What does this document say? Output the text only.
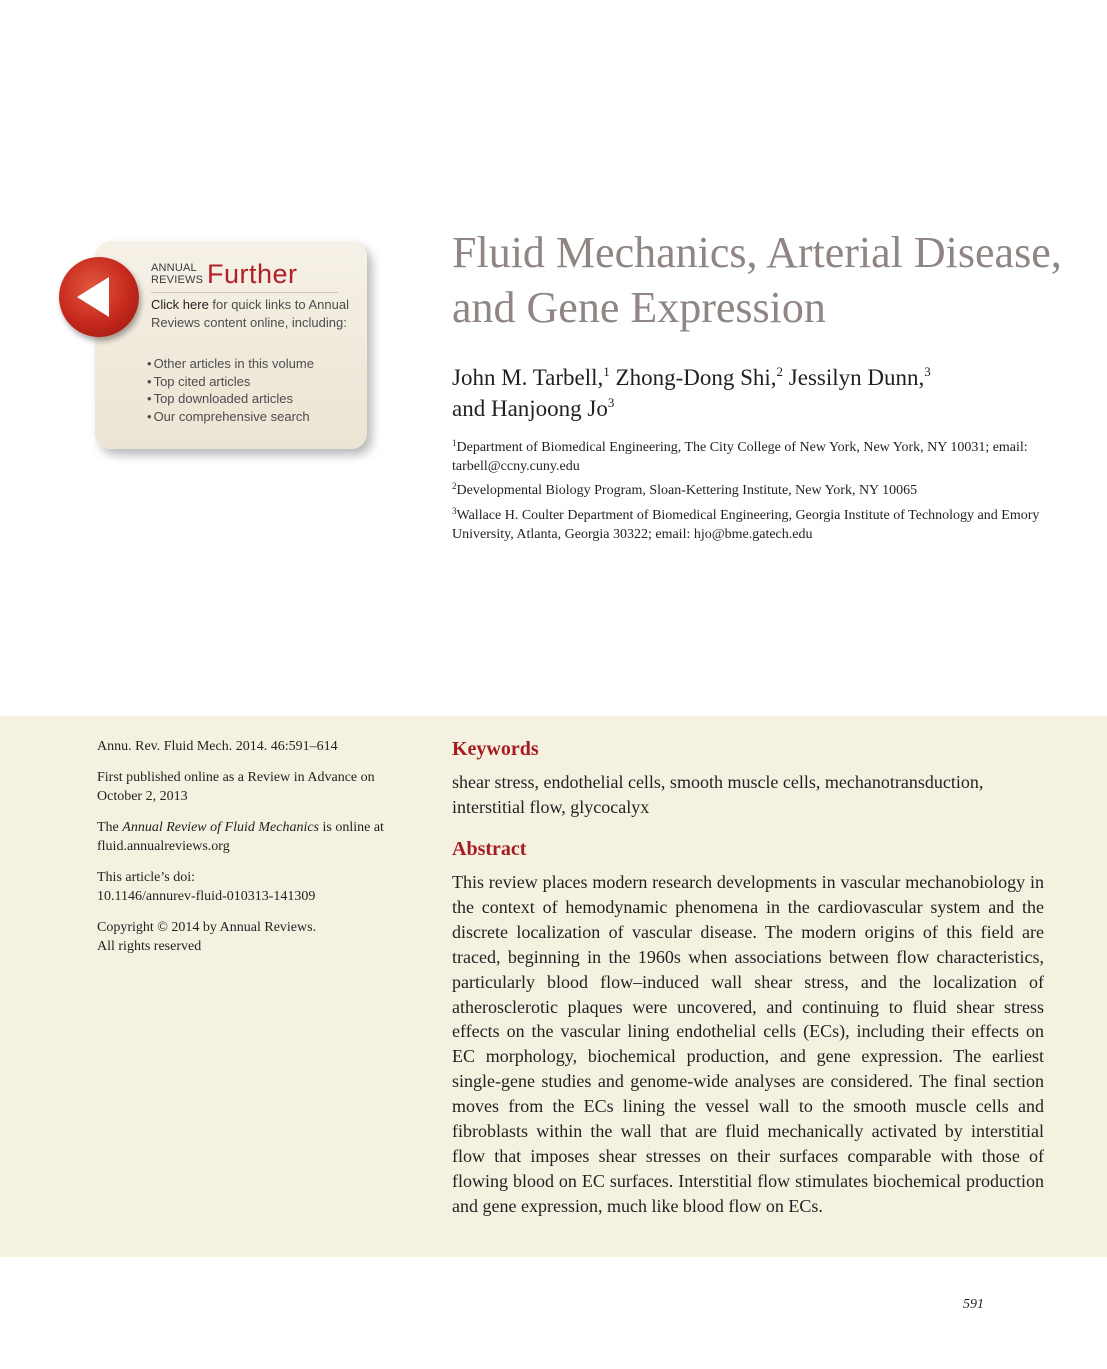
ANNUAL
REVIEWS Further
Click here for quick links to Annual Reviews content online, including:
• Other articles in this volume
• Top cited articles
• Top downloaded articles
• Our comprehensive search
Fluid Mechanics, Arterial Disease, and Gene Expression
John M. Tarbell,$^1$ Zhong-Dong Shi,$^2$ Jessilyn Dunn,$^3$
and Hanjoong Jo$^3$
$^1$Department of Biomedical Engineering, The City College of New York, New York, NY 10031; email: tarbell@ccny.cuny.edu
$^2$Developmental Biology Program, Sloan-Kettering Institute, New York, NY 10065
$^3$Wallace H. Coulter Department of Biomedical Engineering, Georgia Institute of Technology and Emory University, Atlanta, Georgia 30322; email: hjo@bme.gatech.edu
Annu. Rev. Fluid Mech. 2014. 46:591–614
First published online as a Review in Advance on October 2, 2013
The Annual Review of Fluid Mechanics is online at fluid.annualreviews.org
This article’s doi:
10.1146/annurev-fluid-010313-141309
Copyright © 2014 by Annual Reviews.
All rights reserved
Keywords
shear stress, endothelial cells, smooth muscle cells, mechanotransduction, interstitial flow, glycocalyx
Abstract
This review places modern research developments in vascular mechanobiology in the context of hemodynamic phenomena in the cardiovascular system and the discrete localization of vascular disease. The modern origins of this field are traced, beginning in the 1960s when associations between flow characteristics, particularly blood flow–induced wall shear stress, and the localization of atherosclerotic plaques were uncovered, and continuing to fluid shear stress effects on the vascular lining endothelial cells (ECs), including their effects on EC morphology, biochemical production, and gene expression. The earliest single-gene studies and genome-wide analyses are considered. The final section moves from the ECs lining the vessel wall to the smooth muscle cells and fibroblasts within the wall that are fluid mechanically activated by interstitial flow that imposes shear stresses on their surfaces comparable with those of flowing blood on EC surfaces. Interstitial flow stimulates biochemical production and gene expression, much like blood flow on ECs.
591
